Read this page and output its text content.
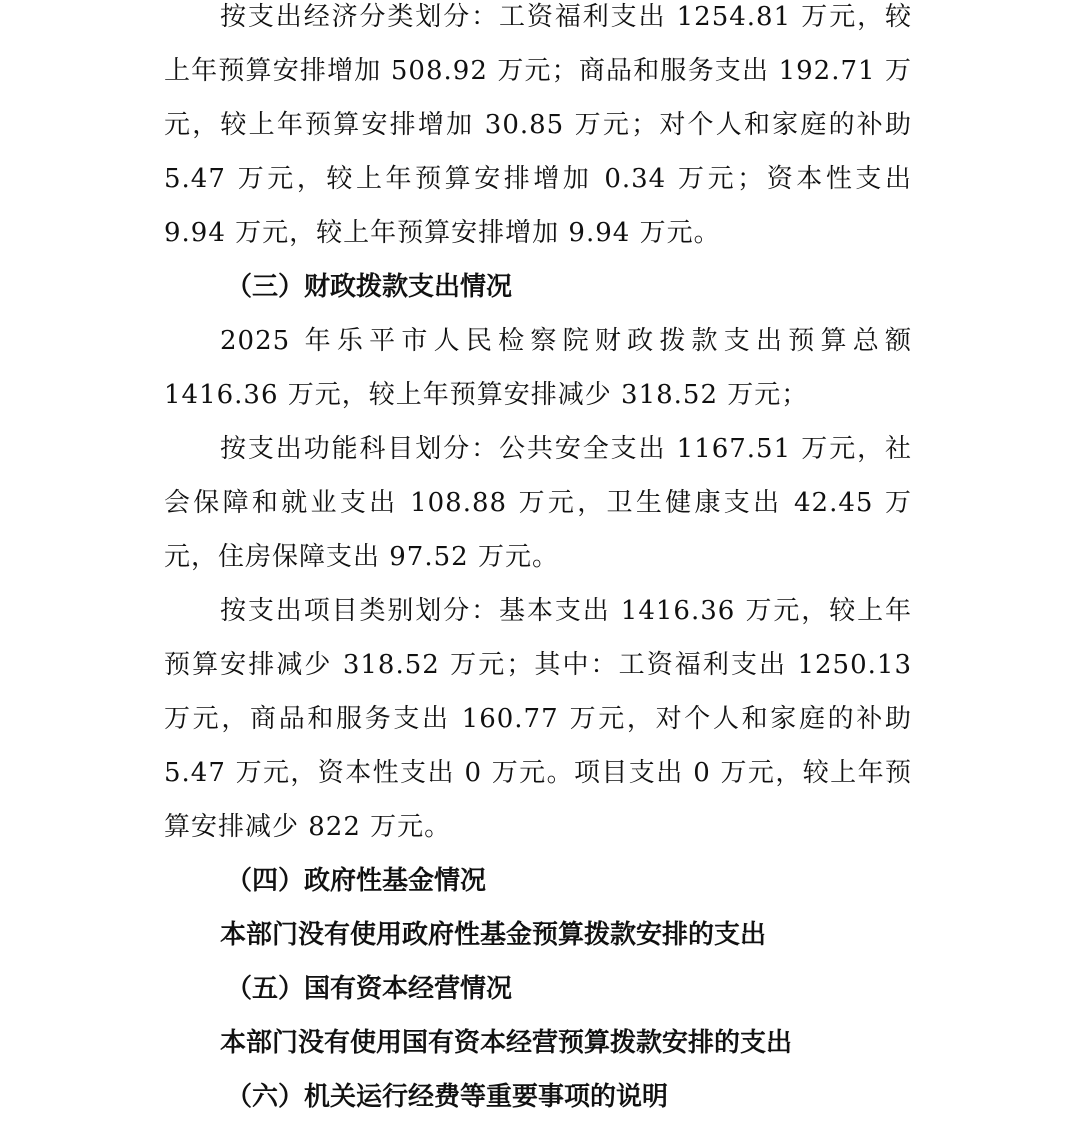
按支出经济分类划分：工资福利支出 1254.81 万元，较上年预算安排增加 508.92 万元；商品和服务支出 192.71 万元，较上年预算安排增加 30.85 万元；对个人和家庭的补助 5.47 万元，较上年预算安排增加 0.34 万元；资本性支出 9.94 万元，较上年预算安排增加 9.94 万元。

（三）财政拨款支出情况

2025 年乐平市人民检察院财政拨款支出预算总额 1416.36 万元，较上年预算安排减少 318.52 万元；

按支出功能科目划分：公共安全支出 1167.51 万元，社会保障和就业支出 108.88 万元，卫生健康支出 42.45 万元，住房保障支出 97.52 万元。

按支出项目类别划分：基本支出 1416.36 万元，较上年预算安排减少 318.52 万元；其中：工资福利支出 1250.13 万元，商品和服务支出 160.77 万元，对个人和家庭的补助 5.47 万元，资本性支出 0 万元。项目支出 0 万元，较上年预算安排减少 822 万元。

（四）政府性基金情况

本部门没有使用政府性基金预算拨款安排的支出

（五）国有资本经营情况

本部门没有使用国有资本经营预算拨款安排的支出

（六）机关运行经费等重要事项的说明
